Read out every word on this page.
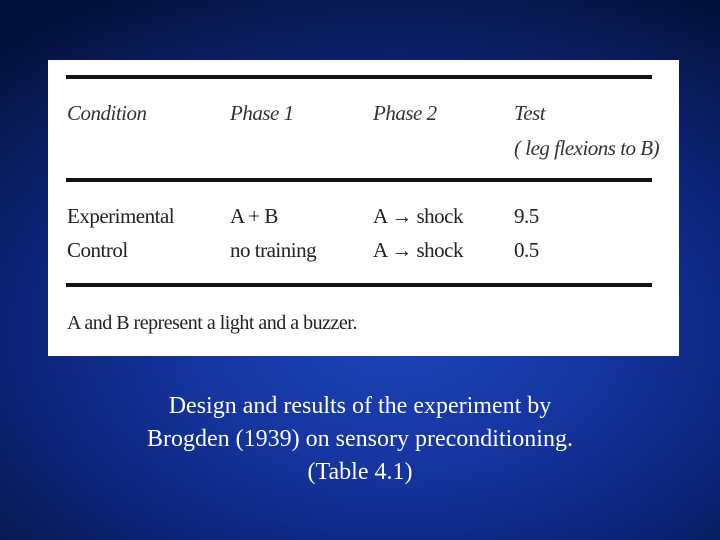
Condition	Phase 1	Phase 2	Test
( leg flexions to B)
Experimental	A + B	A → shock 9.5
Control	no training	A → shock 0.5
A and B represent a light and a buzzer.
Design and results of the experiment by
Brogden (1939) on sensory preconditioning.
(Table 4.1)
